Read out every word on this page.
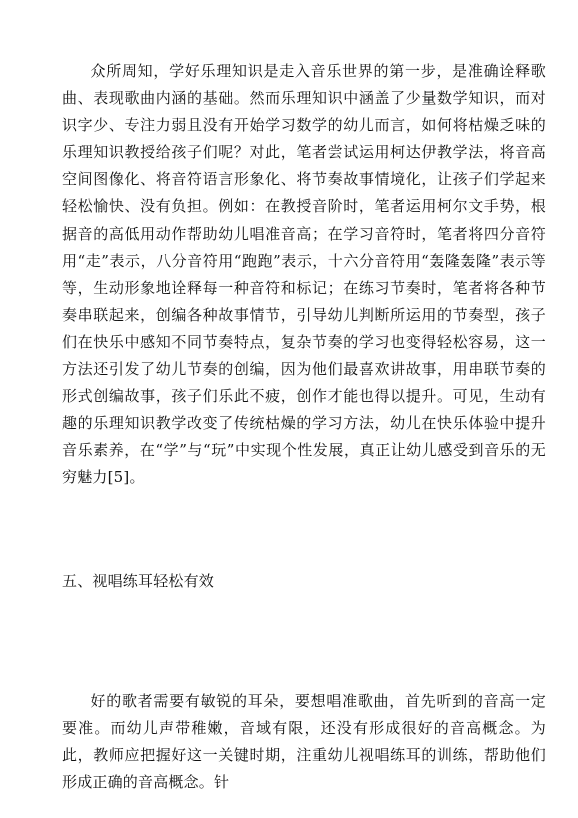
众所周知，学好乐理知识是走入音乐世界的第一步，是准确诠释歌曲、表现歌曲内涵的基础。然而乐理知识中涵盖了少量数学知识，而对识字少、专注力弱且没有开始学习数学的幼儿而言，如何将枯燥乏味的乐理知识教授给孩子们呢？对此，笔者尝试运用柯达伊教学法，将音高空间图像化、将音符语言形象化、将节奏故事情境化，让孩子们学起来轻松愉快、没有负担。例如：在教授音阶时，笔者运用柯尔文手势，根据音的高低用动作帮助幼儿唱准音高；在学习音符时，笔者将四分音符用“走”表示，八分音符用“跑跑”表示，十六分音符用“轰隆轰隆”表示等等，生动形象地诠释每一种音符和标记；在练习节奏时，笔者将各种节奏串联起来，创编各种故事情节，引导幼儿判断所运用的节奏型，孩子们在快乐中感知不同节奏特点，复杂节奏的学习也变得轻松容易，这一方法还引发了幼儿节奏的创编，因为他们最喜欢讲故事，用串联节奏的形式创编故事，孩子们乐此不疲，创作才能也得以提升。可见，生动有趣的乐理知识教学改变了传统枯燥的学习方法，幼儿在快乐体验中提升音乐素养，在“学”与“玩”中实现个性发展，真正让幼儿感受到音乐的无穷魅力[5]。

五、视唱练耳轻松有效

好的歌者需要有敏锐的耳朵，要想唱准歌曲，首先听到的音高一定要准。而幼儿声带稚嫩，音域有限，还没有形成很好的音高概念。为此，教师应把握好这一关键时期，注重幼儿视唱练耳的训练，帮助他们形成正确的音高概念。针
